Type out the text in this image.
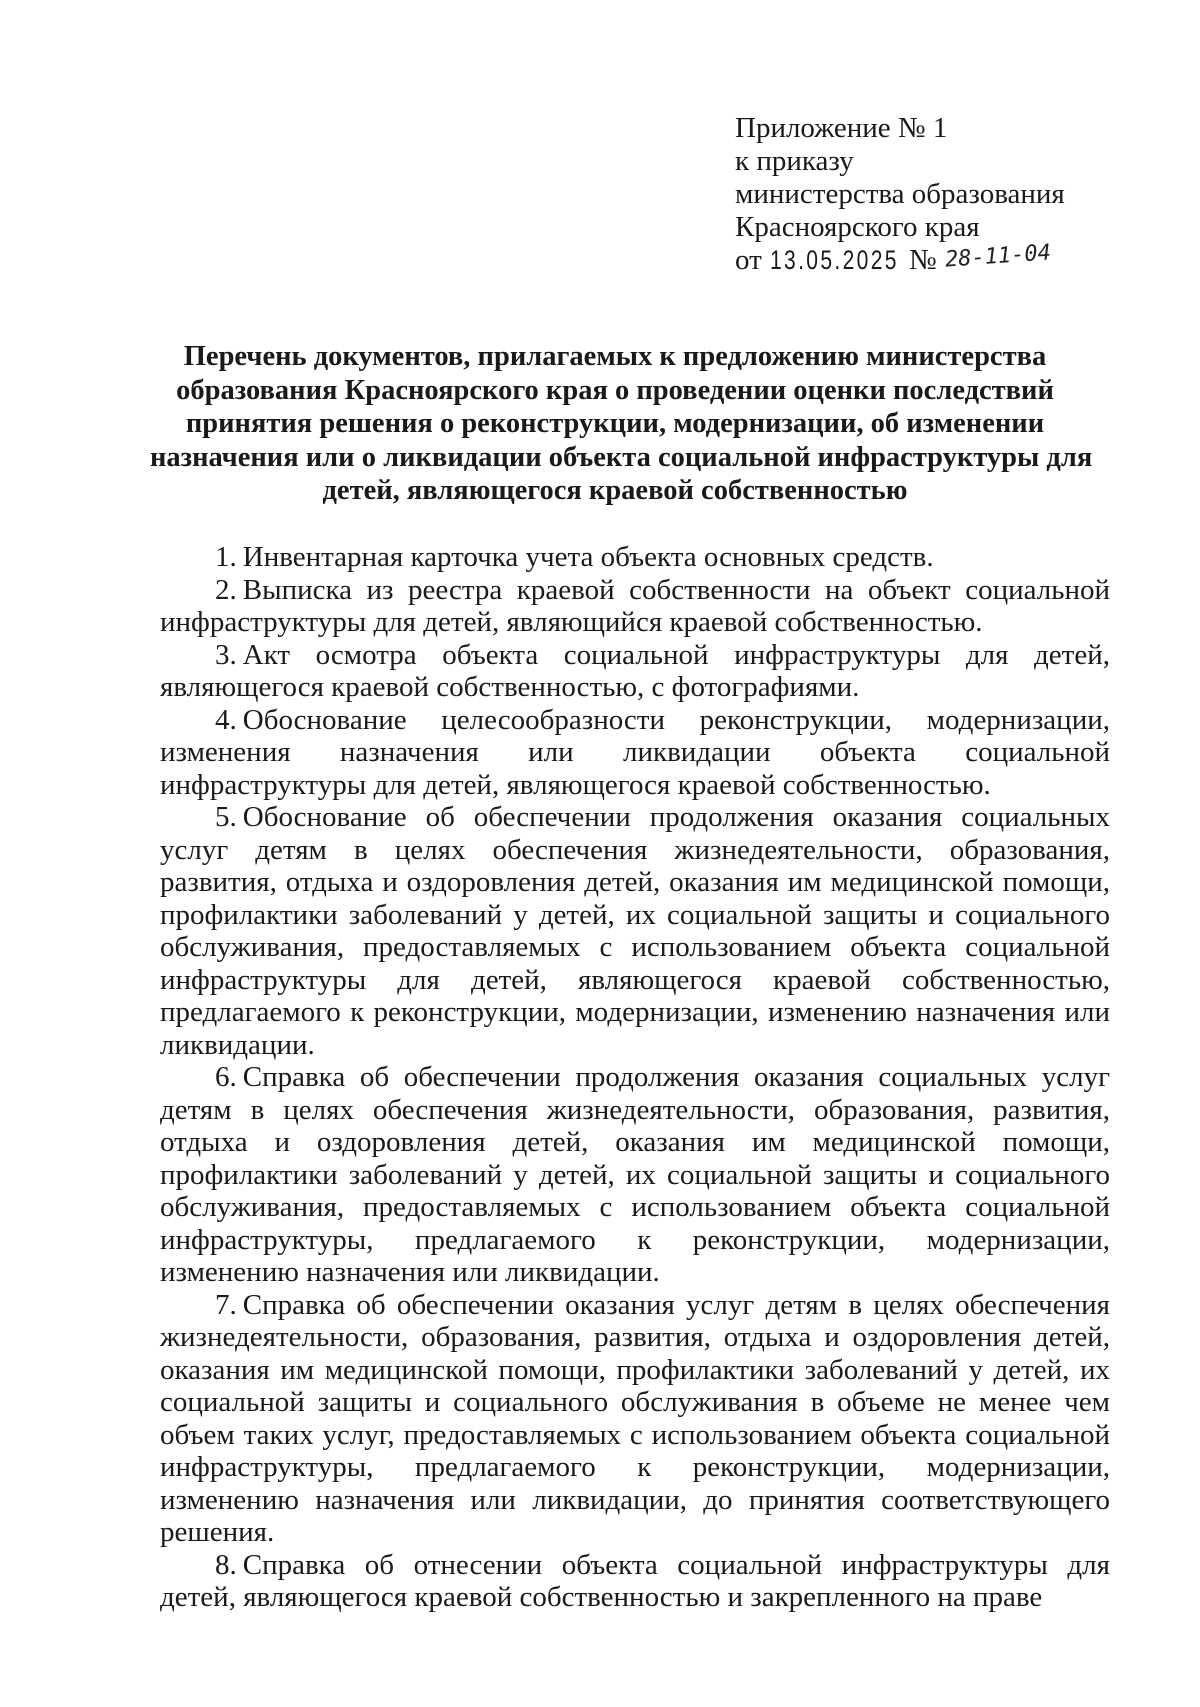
Приложение № 1
к приказу
министерства образования
Красноярского края
от 13.05.2025 № 28-11-04
Перечень документов, прилагаемых к предложению министерства
образования Красноярского края о проведении оценки последствий
принятия решения о реконструкции, модернизации, об изменении
назначения или о ликвидации объекта социальной инфраструктуры для
детей, являющегося краевой собственностью

1. Инвентарная карточка учета объекта основных средств.

2. Выписка из реестра краевой собственности на объект социальной инфраструктуры для детей, являющийся краевой собственностью.

3. Акт осмотра объекта социальной инфраструктуры для детей, являющегося краевой собственностью, с фотографиями.

4. Обоснование целесообразности реконструкции, модернизации, изменения назначения или ликвидации объекта социальной инфраструктуры для детей, являющегося краевой собственностью.

5. Обоснование об обеспечении продолжения оказания социальных услуг детям в целях обеспечения жизнедеятельности, образования, развития, отдыха и оздоровления детей, оказания им медицинской помощи, профилактики заболеваний у детей, их социальной защиты и социального обслуживания, предоставляемых с использованием объекта социальной инфраструктуры для детей, являющегося краевой собственностью, предлагаемого к реконструкции, модернизации, изменению назначения или ликвидации.

6. Справка об обеспечении продолжения оказания социальных услуг детям в целях обеспечения жизнедеятельности, образования, развития, отдыха и оздоровления детей, оказания им медицинской помощи, профилактики заболеваний у детей, их социальной защиты и социального обслуживания, предоставляемых с использованием объекта социальной инфраструктуры, предлагаемого к реконструкции, модернизации, изменению назначения или ликвидации.

7. Справка об обеспечении оказания услуг детям в целях обеспечения жизнедеятельности, образования, развития, отдыха и оздоровления детей, оказания им медицинской помощи, профилактики заболеваний у детей, их социальной защиты и социального обслуживания в объеме не менее чем объем таких услуг, предоставляемых с использованием объекта социальной инфраструктуры, предлагаемого к реконструкции, модернизации, изменению назначения или ликвидации, до принятия соответствующего решения.

8. Справка об отнесении объекта социальной инфраструктуры для детей, являющегося краевой собственностью и закрепленного на праве
